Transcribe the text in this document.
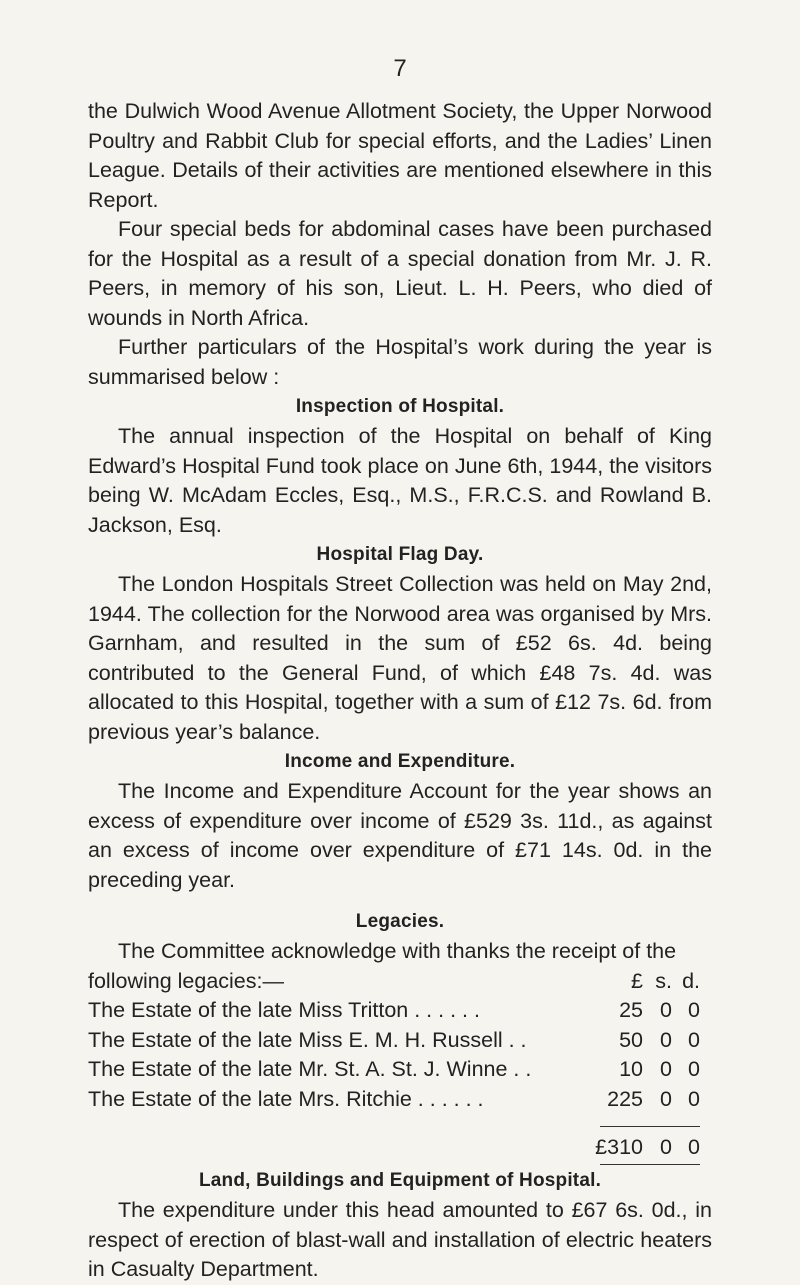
7

the Dulwich Wood Avenue Allotment Society, the Upper Norwood Poultry and Rabbit Club for special efforts, and the Ladies’ Linen League. Details of their activities are mentioned elsewhere in this Report.

Four special beds for abdominal cases have been purchased for the Hospital as a result of a special donation from Mr. J. R. Peers, in memory of his son, Lieut. L. H. Peers, who died of wounds in North Africa.

Further particulars of the Hospital’s work during the year is summarised below :

Inspection of Hospital.

The annual inspection of the Hospital on behalf of King Edward’s Hospital Fund took place on June 6th, 1944, the visitors being W. McAdam Eccles, Esq., M.S., F.R.C.S. and Rowland B. Jackson, Esq.

Hospital Flag Day.

The London Hospitals Street Collection was held on May 2nd, 1944. The collection for the Norwood area was organised by Mrs. Garnham, and resulted in the sum of £52 6s. 4d. being contributed to the General Fund, of which £48 7s. 4d. was allocated to this Hospital, together with a sum of £12 7s. 6d. from previous year’s balance.

Income and Expenditure.

The Income and Expenditure Account for the year shows an excess of expenditure over income of £529 3s. 11d., as against an excess of income over expenditure of £71 14s. 0d. in the preceding year.

Legacies.

The Committee acknowledge with thanks the receipt of the

following legacies:—	£ s. d.
The Estate of the late Miss Tritton . . . . . .	25 0 0
The Estate of the late Miss E. M. H. Russell . .	50 0 0
The Estate of the late Mr. St. A. St. J. Winne . .	10 0 0
The Estate of the late Mrs. Ritchie . . . . . .	225 0 0
£310 0 0
Land, Buildings and Equipment of Hospital.

The expenditure under this head amounted to £67 6s. 0d., in respect of erection of blast-wall and installation of electric heaters in Casualty Department.
